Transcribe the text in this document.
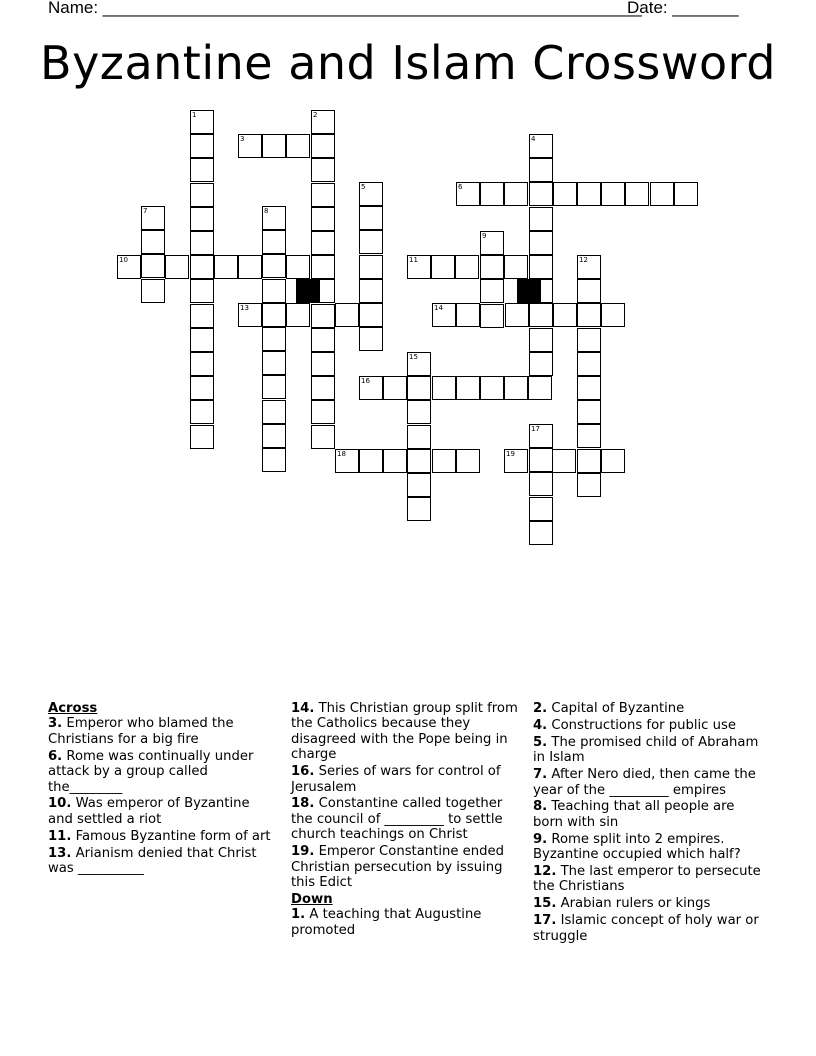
Name: _________________________________________________________
Date: _______
Byzantine and Islam Crossword
1	2
3	4
5	6
7	8
9
10	11	12
13	14
15
16
17
18	19
Across
3. Emperor who blamed the Christians for a big fire
6. Rome was continually under attack by a group called the________
10. Was emperor of Byzantine and settled a riot
11. Famous Byzantine form of art
13. Arianism denied that Christ was __________
14. This Christian group split from the Catholics because they disagreed with the Pope being in charge
16. Series of wars for control of Jerusalem
18. Constantine called together the council of _________ to settle church teachings on Christ
19. Emperor Constantine ended Christian persecution by issuing this Edict
Down
1. A teaching that Augustine promoted
2. Capital of Byzantine
4. Constructions for public use
5. The promised child of Abraham in Islam
7. After Nero died, then came the year of the _________ empires
8. Teaching that all people are born with sin
9. Rome split into 2 empires. Byzantine occupied which half?
12. The last emperor to persecute the Christians
15. Arabian rulers or kings
17. Islamic concept of holy war or struggle
